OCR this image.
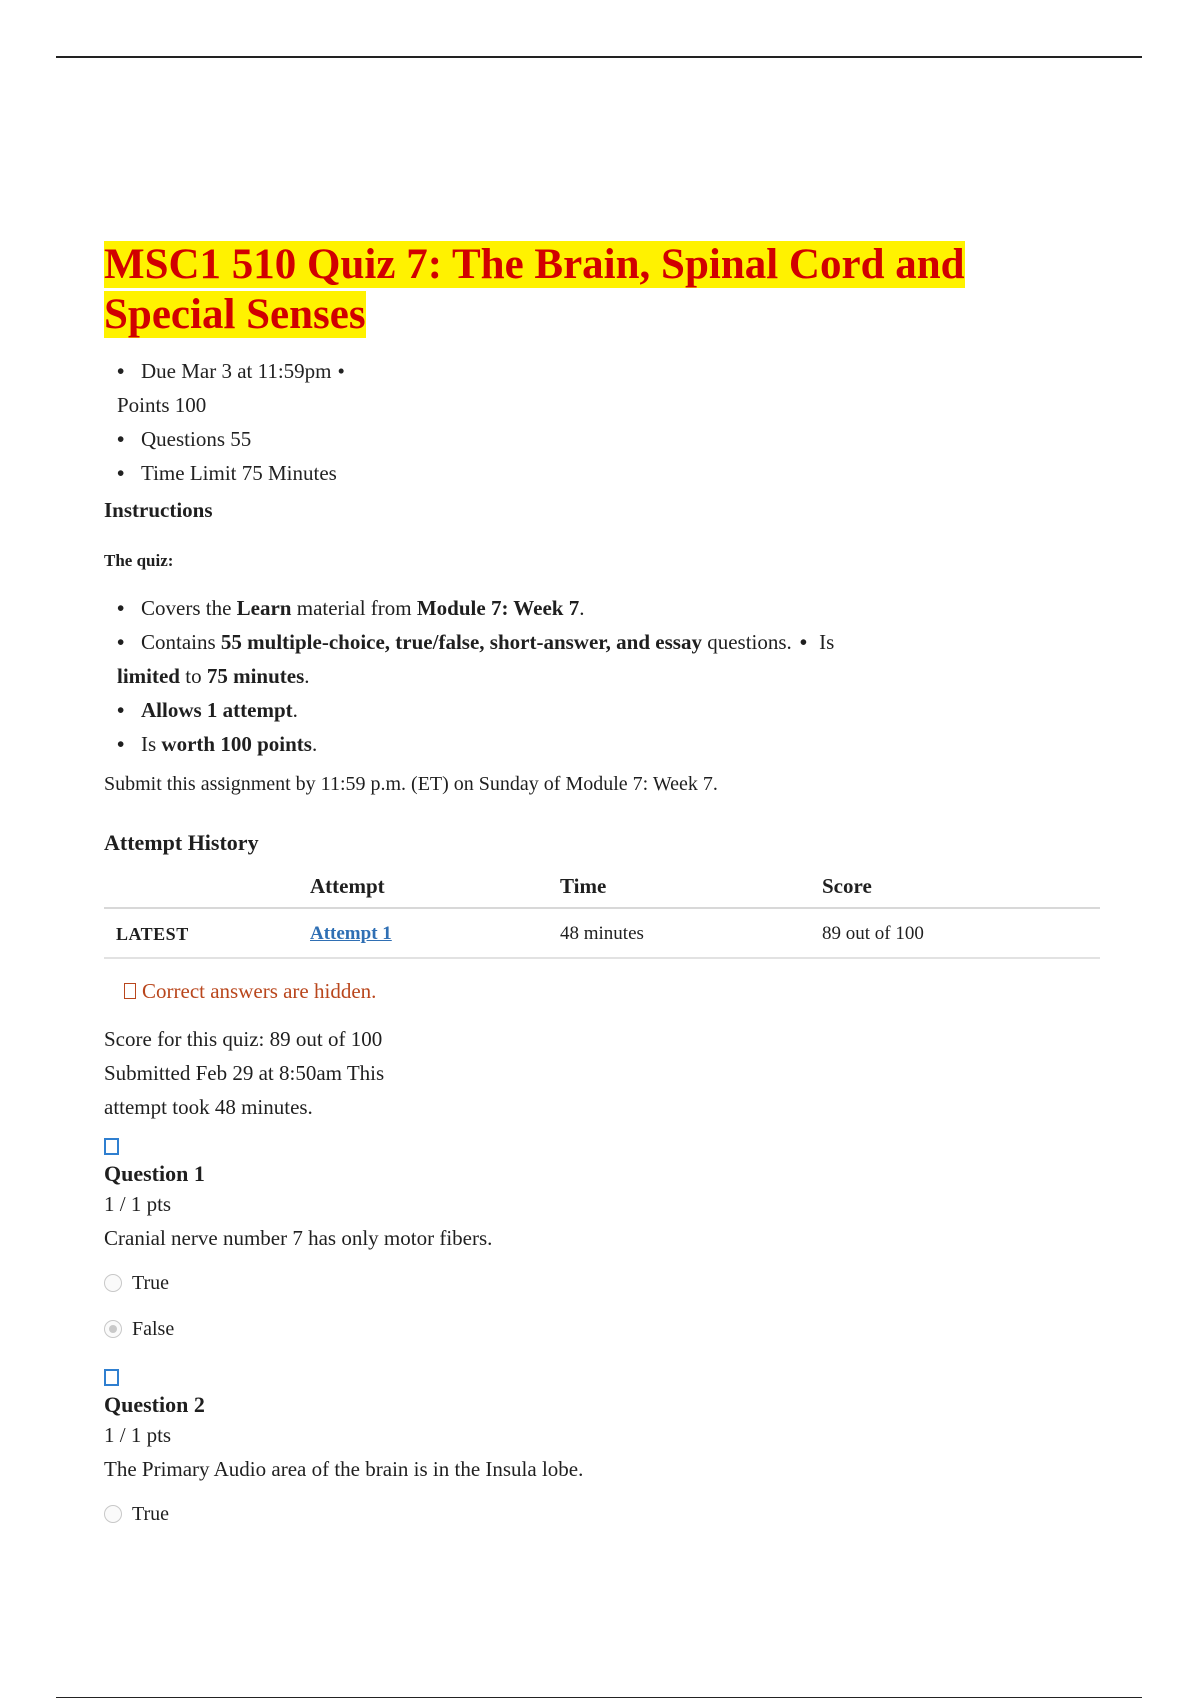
MSC1 510 Quiz 7: The Brain, Spinal Cord and Special Senses
• Due Mar 3 at 11:59pm •
Points 100
• Questions 55
• Time Limit 75 Minutes
Instructions
The quiz:
• Covers the Learn material from Module 7: Week 7.
• Contains 55 multiple-choice, true/false, short-answer, and essay questions. • Is
limited to 75 minutes.
• Allows 1 attempt.
• Is worth 100 points.
Submit this assignment by 11:59 p.m. (ET) on Sunday of Module 7: Week 7.
Attempt History
	Attempt	Time	Score
LATEST	Attempt 1	48 minutes	89 out of 100
Correct answers are hidden.
Score for this quiz: 89 out of 100
Submitted Feb 29 at 8:50am This
attempt took 48 minutes.
Question 1
1 / 1 pts
Cranial nerve number 7 has only motor fibers.
True
False
Question 2
1 / 1 pts
The Primary Audio area of the brain is in the Insula lobe.
True
